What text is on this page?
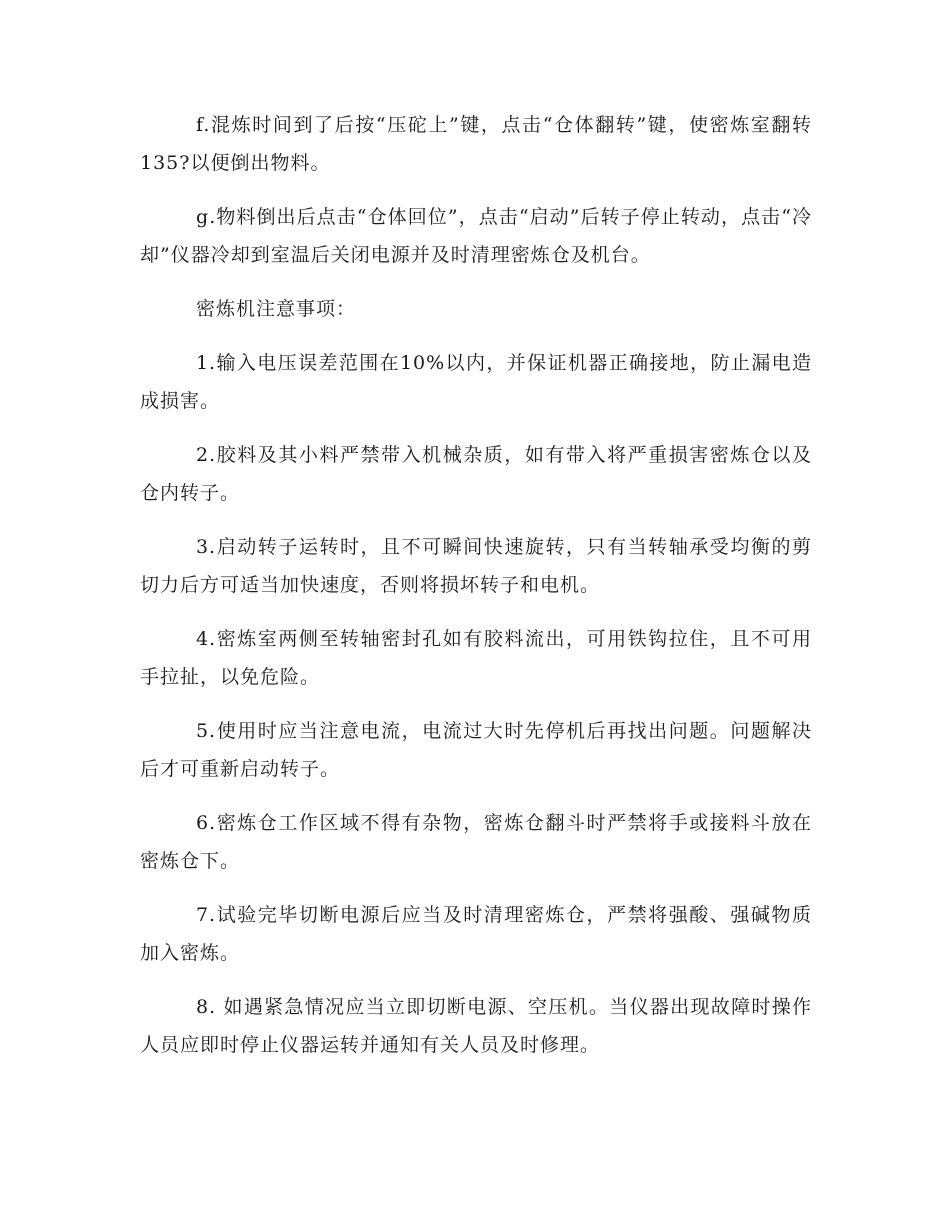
f.混炼时间到了后按“压砣上”键，点击“仓体翻转”键，使密炼室翻转135?以便倒出物料。

g.物料倒出后点击“仓体回位”，点击“启动”后转子停止转动，点击“冷却”仪器冷却到室温后关闭电源并及时清理密炼仓及机台。

密炼机注意事项：

1.输入电压误差范围在10%以内，并保证机器正确接地，防止漏电造成损害。

2.胶料及其小料严禁带入机械杂质，如有带入将严重损害密炼仓以及仓内转子。

3.启动转子运转时，且不可瞬间快速旋转，只有当转轴承受均衡的剪切力后方可适当加快速度，否则将损坏转子和电机。

4.密炼室两侧至转轴密封孔如有胶料流出，可用铁钩拉住，且不可用手拉扯，以免危险。

5.使用时应当注意电流，电流过大时先停机后再找出问题。问题解决后才可重新启动转子。

6.密炼仓工作区域不得有杂物，密炼仓翻斗时严禁将手或接料斗放在密炼仓下。

7.试验完毕切断电源后应当及时清理密炼仓，严禁将强酸、强碱物质加入密炼。

8. 如遇紧急情况应当立即切断电源、空压机。当仪器出现故障时操作人员应即时停止仪器运转并通知有关人员及时修理。
